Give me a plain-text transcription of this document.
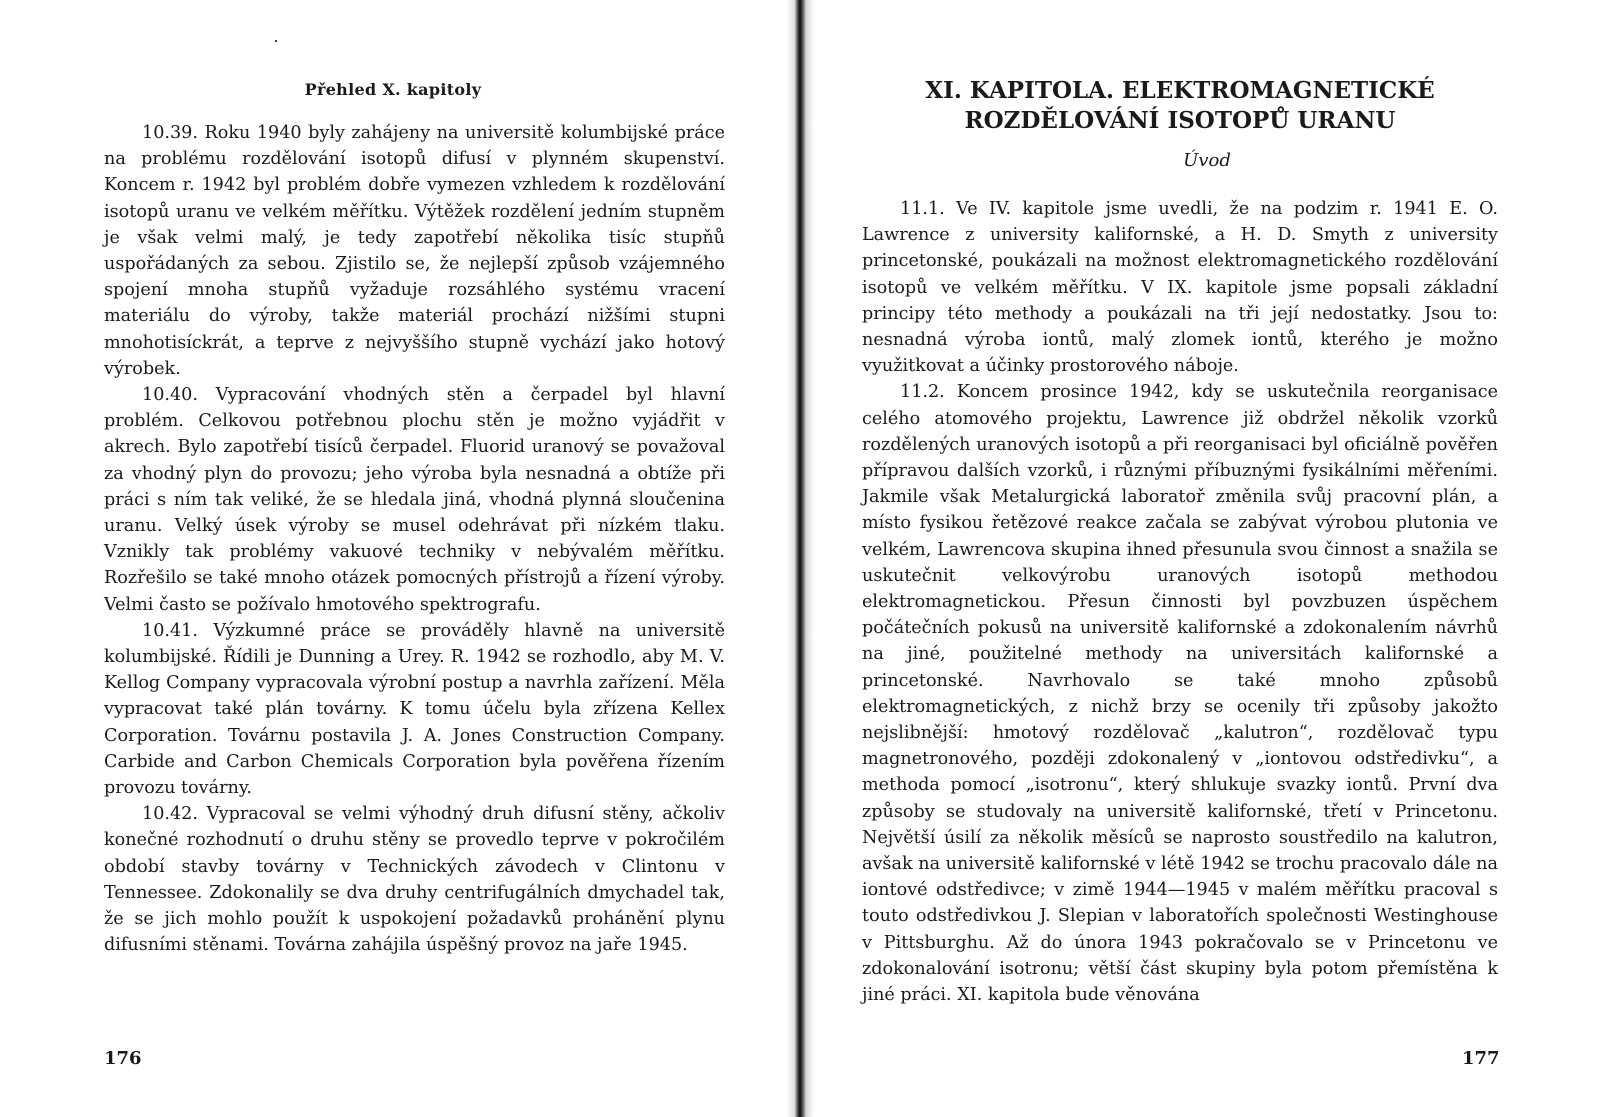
Přehled X. kapitoly

10.39. Roku 1940 byly zahájeny na universitě kolumbijské práce na problému rozdělování isotopů difusí v plynném skupenství. Koncem r. 1942 byl problém dobře vymezen vzhledem k rozdělování isotopů uranu ve velkém měřítku. Výtěžek rozdělení jedním stupněm je však velmi malý, je tedy zapotřebí několika tisíc stupňů uspořádaných za sebou. Zjistilo se, že nejlepší způsob vzájemného spojení mnoha stupňů vyžaduje rozsáhlého systému vracení materiálu do výroby, takže materiál prochází nižšími stupni mnohotisíckrát, a teprve z nejvyššího stupně vychází jako hotový výrobek.

10.40. Vypracování vhodných stěn a čerpadel byl hlavní problém. Celkovou potřebnou plochu stěn je možno vyjádřit v akrech. Bylo zapotřebí tisíců čerpadel. Fluorid uranový se považoval za vhodný plyn do provozu; jeho výroba byla nesnadná a obtíže při práci s ním tak veliké, že se hledala jiná, vhodná plynná sloučenina uranu. Velký úsek výroby se musel odehrávat při nízkém tlaku. Vznikly tak problémy vakuové techniky v nebývalém měřítku. Rozřešilo se také mnoho otázek pomocných přístrojů a řízení výroby. Velmi často se požívalo hmotového spektrografu.

10.41. Výzkumné práce se prováděly hlavně na universitě kolumbijské. Řídili je Dunning a Urey. R. 1942 se rozhodlo, aby M. V. Kellog Company vypracovala výrobní postup a navrhla zařízení. Měla vypracovat také plán továrny. K tomu účelu byla zřízena Kellex Corporation. Továrnu postavila J. A. Jones Construction Company. Carbide and Carbon Chemicals Corporation byla pověřena řízením provozu továrny.

10.42. Vypracoval se velmi výhodný druh difusní stěny, ačkoliv konečné rozhodnutí o druhu stěny se provedlo teprve v pokročilém období stavby továrny v Technických závodech v Clintonu v Tennessee. Zdokonalily se dva druhy centrifugálních dmychadel tak, že se jich mohlo použít k uspokojení požadavků proháněnί plynu difusními stěnami. Továrna zahájila úspěšný provoz na jaře 1945.

176
XI. KAPITOLA. ELEKTROMAGNETICKÉ ROZDĚLOVÁNÍ ISOTOPŮ URANU
Úvod

11.1. Ve IV. kapitole jsme uvedli, že na podzim r. 1941 E. O. Lawrence z university kalifornské, a H. D. Smyth z university princetonské, poukázali na možnost elektromagnetického rozdělování isotopů ve velkém měřítku. V IX. kapitole jsme popsali základní principy této methody a poukázali na tři její nedostatky. Jsou to: nesnadná výroba iontů, malý zlomek iontů, kterého je možno využitkovat a účinky prostorového náboje.

11.2. Koncem prosince 1942, kdy se uskutečnila reorganisace celého atomového projektu, Lawrence již obdržel několik vzorků rozdělených uranových isotopů a při reorganisaci byl oficiálně pověřen přípravou dalších vzorků, i různými příbuznými fysikálními měřeními. Jakmile však Metalurgická laboratoř změnila svůj pracovní plán, a místo fysikou řetězové reakce začala se zabývat výrobou plutonia ve velkém, Lawrencova skupina ihned přesunula svou činnost a snažila se uskutečnit velkovýrobu uranových isotopů methodou elektromagnetickou. Přesun činnosti byl povzbuzen úspěchem počátečních pokusů na universitě kalifornské a zdokonalením návrhů na jiné, použitelné methody na universitách kalifornské a princetonské. Navrhovalo se také mnoho způsobů elektromagnetických, z nichž brzy se ocenily tři způsoby jakožto nejslibnější: hmotový rozdělovač „kalutron“, rozdělovač typu magnetronového, později zdokonalený v „iontovou odstředivku“, a methoda pomocí „isotronu“, který shlukuje svazky iontů. První dva způsoby se studovaly na universitě kalifornské, třetí v Princetonu. Největší úsilí za několik měsíců se naprosto soustředilo na kalutron, avšak na universitě kalifornské v létě 1942 se trochu pracovalo dále na iontové odstředivce; v zimě 1944—1945 v malém měřítku pracoval s touto odstředivkou J. Slepian v laboratořích společnosti Westinghouse v Pittsburghu. Až do února 1943 pokračovalo se v Princetonu ve zdokonalování isotronu; větší část skupiny byla potom přemístěna k jiné práci. XI. kapitola bude věnována

177
